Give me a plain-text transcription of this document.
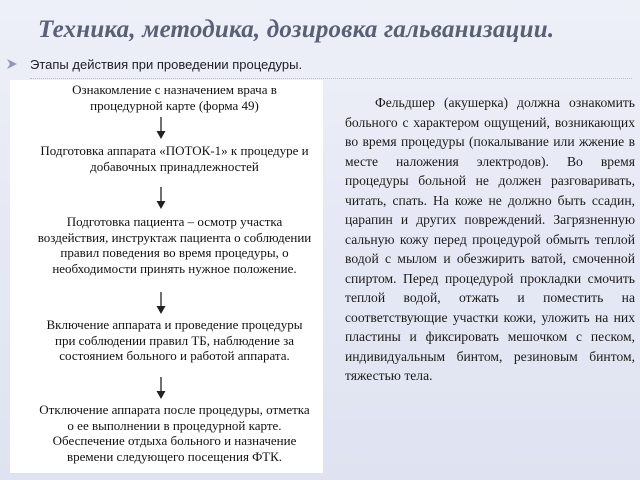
Техника, методика, дозировка гальванизации.
Этапы действия при проведении процедуры.
Ознакомление с назначением врача в процедурной карте (форма 49)
Подготовка аппарата «ПОТОК-1» к процедуре и добавочных принадлежностей
Подготовка пациента – осмотр участка воздействия, инструктаж пациента о соблюдении правил поведения во время процедуры, о необходимости принять нужное положение.
Включение аппарата и проведение процедуры при соблюдении правил ТБ, наблюдение за состоянием больного и работой аппарата.
Отключение аппарата после процедуры, отметка о ее выполнении в процедурной карте. Обеспечение отдыха больного и назначение времени следующего посещения ФТК.

Фельдшер (акушерка) должна ознакомить больного с характером ощущений, возникающих во время процедуры (покалывание или жжение в месте наложения электродов). Во время процедуры больной не должен разговаривать, читать, спать. На коже не должно быть ссадин, царапин и других повреждений. Загрязненную сальную кожу перед процедурой обмыть теплой водой с мылом и обезжирить ватой, смоченной спиртом. Перед процедурой прокладки смочить теплой водой, отжать и поместить на соответствующие участки кожи, уложить на них пластины и фиксировать мешочком с песком, индивидуальным бинтом, резиновым бинтом, тяжестью тела.
